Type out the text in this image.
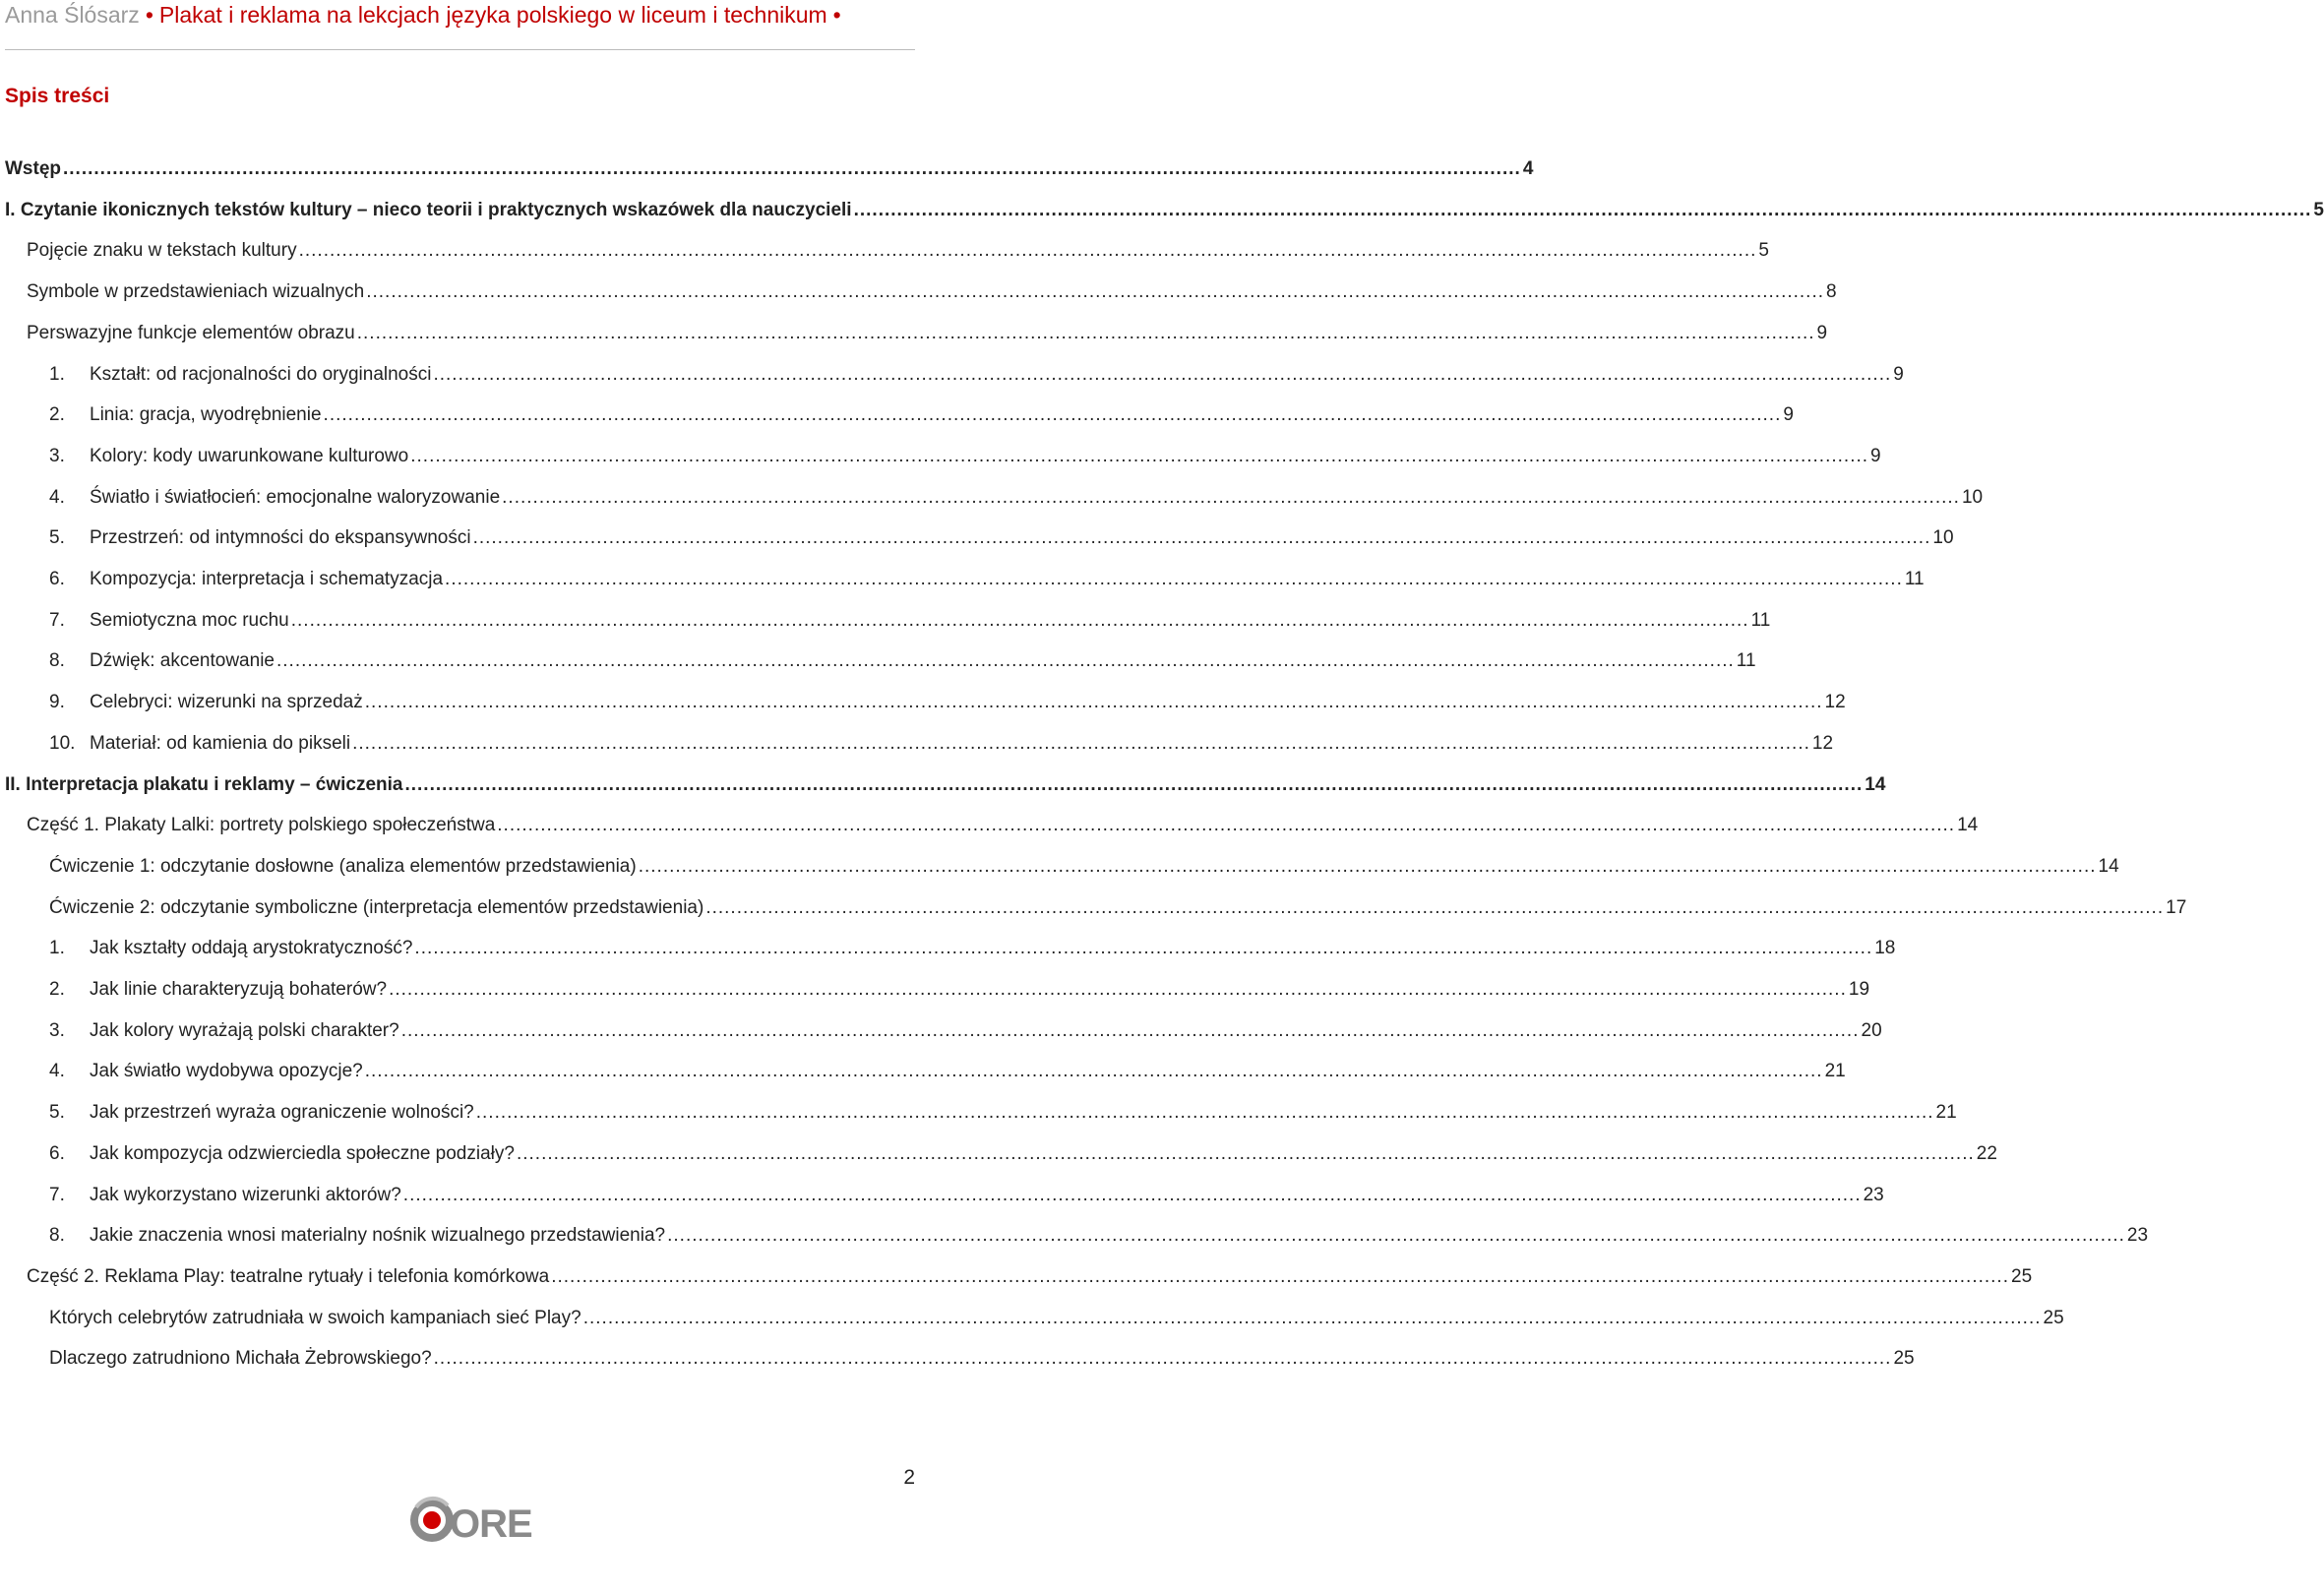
Anna Ślósarz • Plakat i reklama na lekcjach języka polskiego w liceum i technikum •
Spis treści
Wstęp .....	4
I. Czytanie ikonicznych tekstów kultury – nieco teorii i praktycznych wskazówek dla nauczycieli .....	5
Pojęcie znaku w tekstach kultury .....	5
Symbole w przedstawieniach wizualnych .....	8
Perswazyjne funkcje elementów obrazu .....	9
1.	Kształt: od racjonalności do oryginalności .....	9
2.	Linia: gracja, wyodrębnienie .....	9
3.	Kolory: kody uwarunkowane kulturowo .....	9
4.	Światło i światłocień: emocjonalne waloryzowanie .....	10
5.	Przestrzeń: od intymności do ekspansywności .....	10
6.	Kompozycja: interpretacja i schematyzacja .....	11
7.	Semiotyczna moc ruchu .....	11
8.	Dźwięk: akcentowanie .....	11
9.	Celebryci: wizerunki na sprzedaż .....	12
10. Materiał: od kamienia do pikseli .....	12
II. Interpretacja plakatu i reklamy – ćwiczenia .....	14
Część 1. Plakaty Lalki: portrety polskiego społeczeństwa .....	14
Ćwiczenie 1: odczytanie dosłowne (analiza elementów przedstawienia) .....	14
Ćwiczenie 2: odczytanie symboliczne (interpretacja elementów przedstawienia) .....	17
1.	Jak kształty oddają arystokratyczność? .....	18
2.	Jak linie charakteryzują bohaterów? .....	19
3.	Jak kolory wyrażają polski charakter? .....	20
4.	Jak światło wydobywa opozycje? .....	21
5.	Jak przestrzeń wyraża ograniczenie wolności? .....	21
6.	Jak kompozycja odzwierciedla społeczne podziały? .....	22
7.	Jak wykorzystano wizerunki aktorów? .....	23
8.	Jakie znaczenia wnosi materialny nośnik wizualnego przedstawienia? .....	23
Część 2. Reklama Play: teatralne rytuały i telefonia komórkowa .....	25
Których celebrytów zatrudniała w swoich kampaniach sieć Play? .....	25
Dlaczego zatrudniono Michała Żebrowskiego? .....	25
2
ORE
